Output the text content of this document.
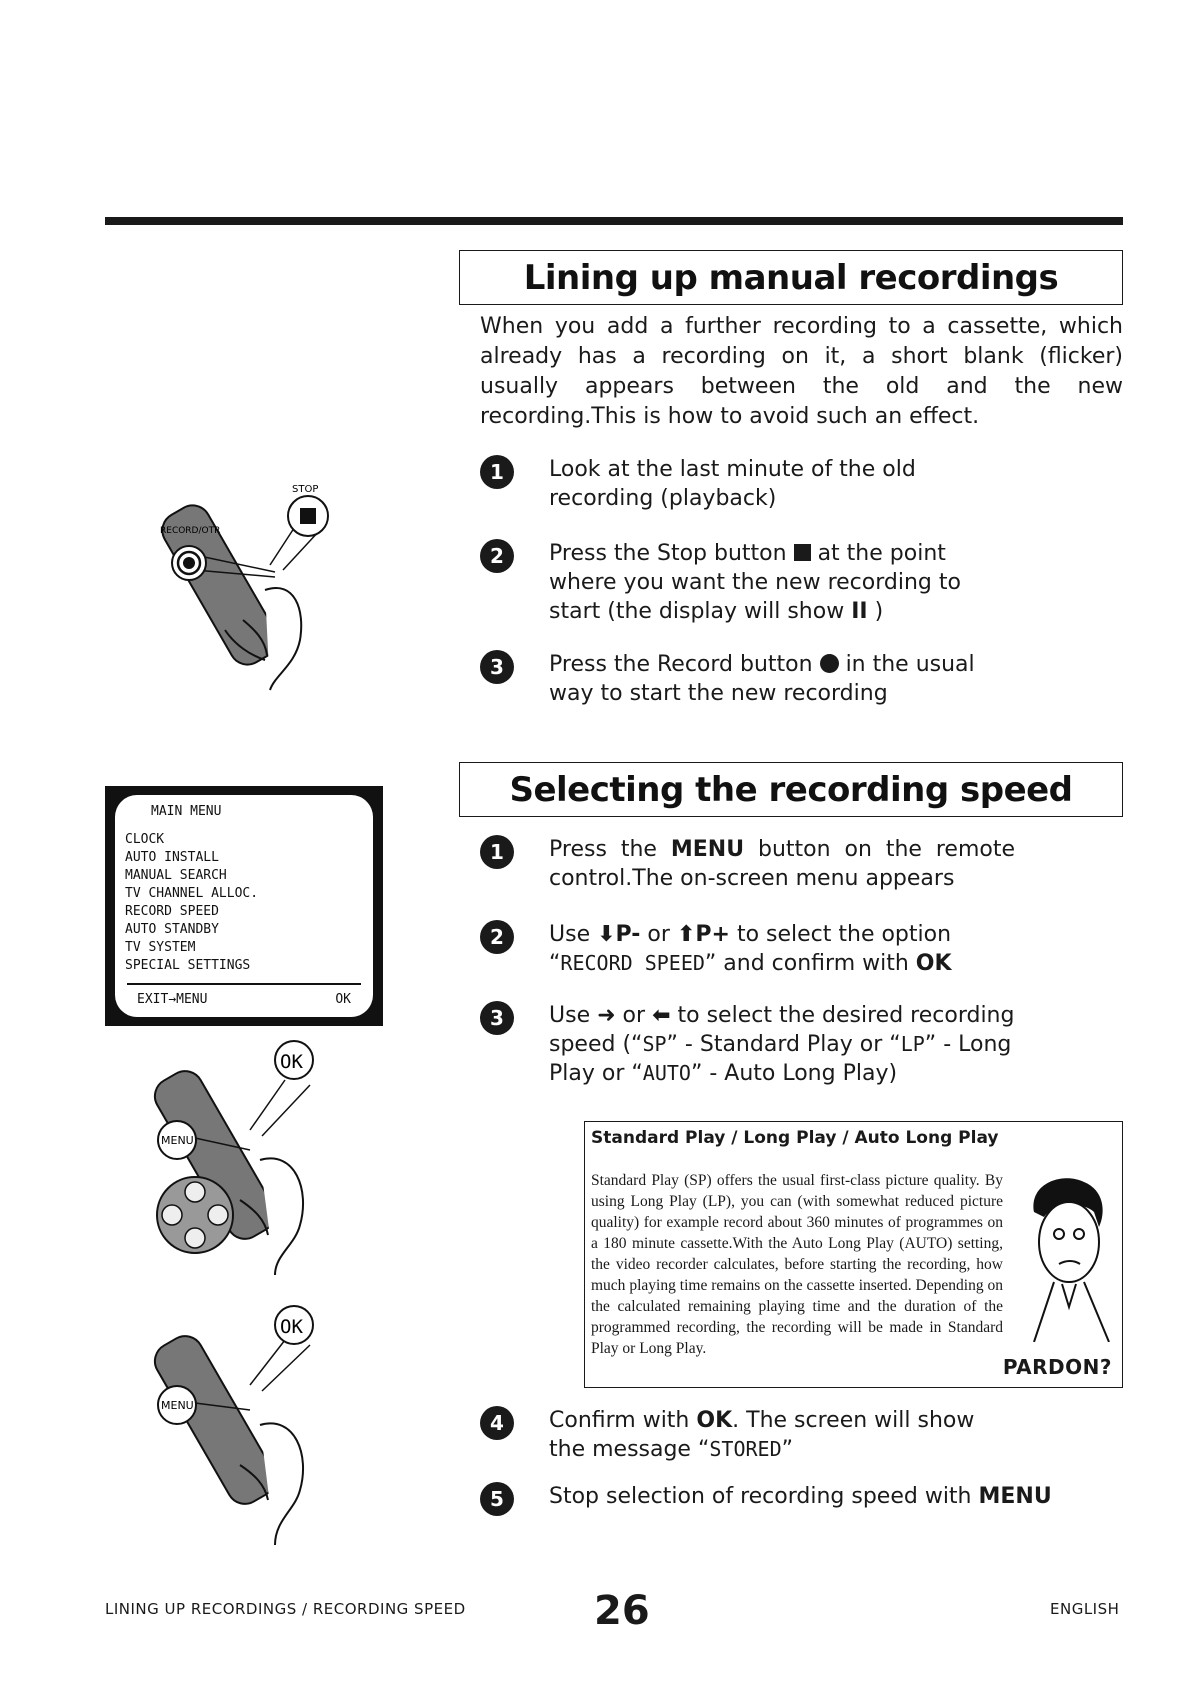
Lining up manual recordings
When you add a further recording to a cassette, which already has a recording on it, a short blank (flicker) usually appears between the old and the new recording.This is how to avoid such an effect.
1	Look at the last minute of the old recording (playback)
2	Press the Stop button at the point where you want the new recording to start (the display will show II )
3	Press the Record button in the usual way to start the new recording
STOP
RECORD/OTR
Selecting the recording speed
MAIN MENU
CLOCK
AUTO INSTALL
MANUAL SEARCH
TV CHANNEL ALLOC.
RECORD SPEED
AUTO STANDBY
TV SYSTEM
SPECIAL SETTINGS
EXIT→MENU	OK
1	Press the MENU button on the remote control.The on-screen menu appears
2	Use ⬇P- or ⬆P+ to select the option “RECORD SPEED” and confirm with OK
3	Use ➜ or ⬅ to select the desired recording speed (“SP” - Standard Play or “LP” - Long Play or “AUTO” - Auto Long Play)
OK
MENU	Standard Play / Long Play / Auto Long Play
Standard Play (SP) offers the usual first-class picture quality. By using Long Play (LP), you can (with somewhat reduced picture quality) for example record about 360 minutes of programmes on a 180 minute cassette.With the Auto Long Play (AUTO) setting, the video recorder calculates, before starting the recording, how much playing time remains on the cassette inserted. Depending on the calculated remaining playing time and the duration of the programmed recording, the recording will be made in Standard Play or Long Play.
PARDON?
4	Confirm with OK. The screen will show the message “STORED”
5	Stop selection of recording speed with MENU
OK
MENU
LINING UP RECORDINGS / RECORDING SPEED	26	ENGLISH
